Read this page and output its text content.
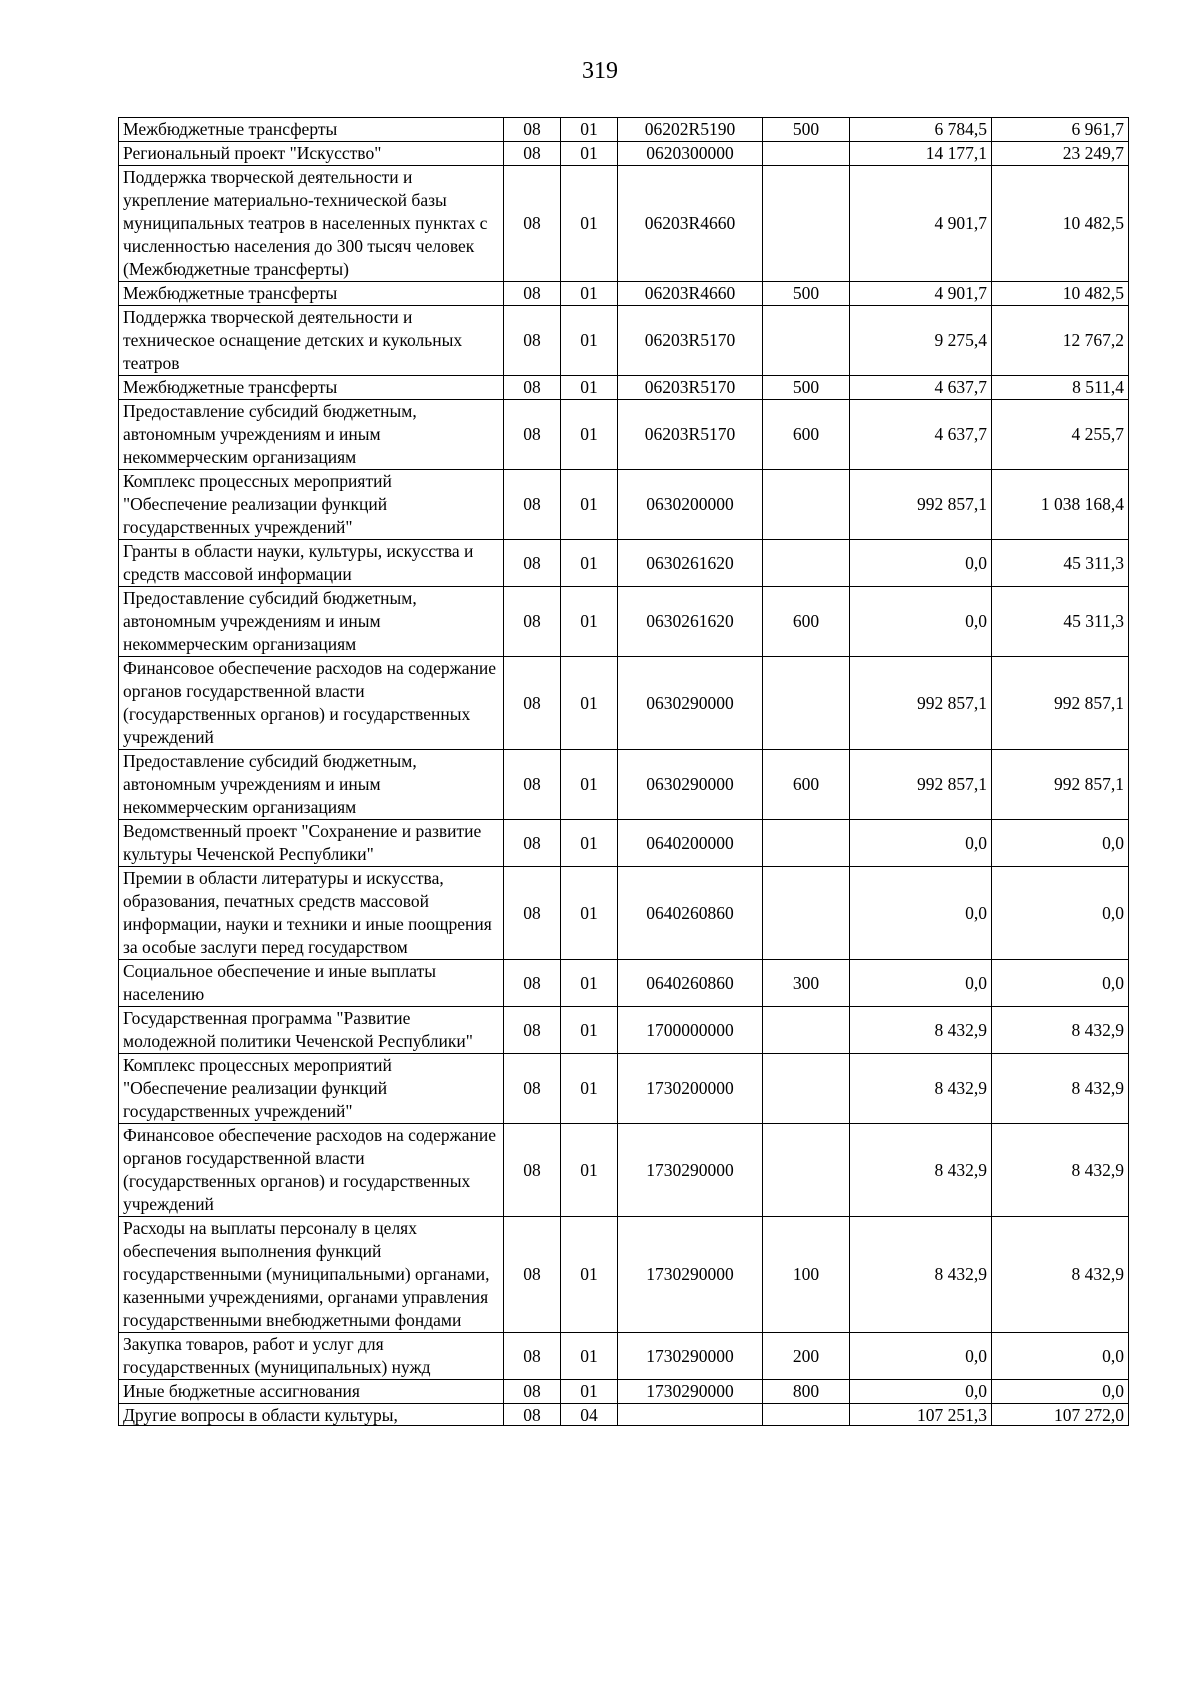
319
Межбюджетные трансферты	08	01	06202R5190	500	6 784,5	6 961,7
Региональный проект "Искусство"	08	01	0620300000		14 177,1	23 249,7
Поддержка творческой деятельности и укрепление материально-технической базы муниципальных театров в населенных пунктах с численностью населения до 300 тысяч человек (Межбюджетные трансферты)	08	01	06203R4660		4 901,7	10 482,5
Межбюджетные трансферты	08	01	06203R4660	500	4 901,7	10 482,5
Поддержка творческой деятельности и техническое оснащение детских и кукольных театров	08	01	06203R5170		9 275,4	12 767,2
Межбюджетные трансферты	08	01	06203R5170	500	4 637,7	8 511,4
Предоставление субсидий бюджетным, автономным учреждениям и иным некоммерческим организациям	08	01	06203R5170	600	4 637,7	4 255,7
Комплекс процессных мероприятий "Обеспечение реализации функций государственных учреждений"	08	01	0630200000		992 857,1	1 038 168,4
Гранты в области науки, культуры, искусства и средств массовой информации	08	01	0630261620		0,0	45 311,3
Предоставление субсидий бюджетным, автономным учреждениям и иным некоммерческим организациям	08	01	0630261620	600	0,0	45 311,3
Финансовое обеспечение расходов на содержание органов государственной власти (государственных органов) и государственных учреждений	08	01	0630290000		992 857,1	992 857,1
Предоставление субсидий бюджетным, автономным учреждениям и иным некоммерческим организациям	08	01	0630290000	600	992 857,1	992 857,1
Ведомственный проект "Сохранение и развитие культуры Чеченской Республики"	08	01	0640200000		0,0	0,0
Премии в области литературы и искусства, образования, печатных средств массовой информации, науки и техники и иные поощрения за особые заслуги перед государством	08	01	0640260860		0,0	0,0
Социальное обеспечение и иные выплаты населению	08	01	0640260860	300	0,0	0,0
Государственная программа "Развитие молодежной политики Чеченской Республики"	08	01	1700000000		8 432,9	8 432,9
Комплекс процессных мероприятий "Обеспечение реализации функций государственных учреждений"	08	01	1730200000		8 432,9	8 432,9
Финансовое обеспечение расходов на содержание органов государственной власти (государственных органов) и государственных учреждений	08	01	1730290000		8 432,9	8 432,9
Расходы на выплаты персоналу в целях обеспечения выполнения функций государственными (муниципальными) органами, казенными учреждениями, органами управления государственными внебюджетными фондами	08	01	1730290000	100	8 432,9	8 432,9
Закупка товаров, работ и услуг для государственных (муниципальных) нужд	08	01	1730290000	200	0,0	0,0
Иные бюджетные ассигнования	08	01	1730290000	800	0,0	0,0
Другие вопросы в области культуры,	08	04			107 251,3	107 272,0
